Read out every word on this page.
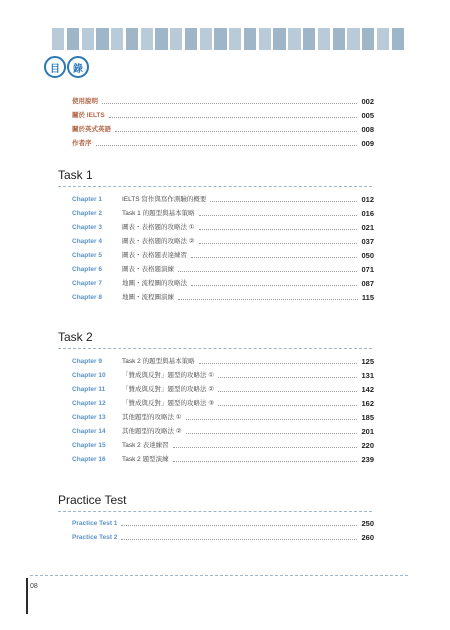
目	錄
使用說明	002
關於 IELTS	005
關於英式英語	008
作者序	009
Task 1
Chapter 1	IELTS 寫作與寫作測驗的概要	012
Chapter 2	Task 1 的題型與基本策略	016
Chapter 3	圖表・表格題的攻略法 ①	021
Chapter 4	圖表・表格題的攻略法 ②	037
Chapter 5	圖表・表格題表達練習	050
Chapter 6	圖表・表格題演練	071
Chapter 7	地圖・流程圖的攻略法	087
Chapter 8	地圖・流程圖演練	115
Task 2
Chapter 9	Task 2 的題型與基本策略	125
Chapter 10	「贊成與反對」題型的攻略法 ①	131
Chapter 11	「贊成與反對」題型的攻略法 ②	142
Chapter 12	「贊成與反對」題型的攻略法 ③	162
Chapter 13	其他題型的攻略法 ①	185
Chapter 14	其他題型的攻略法 ②	201
Chapter 15	Task 2 表達練習	220
Chapter 16	Task 2 題型演練	239
Practice Test
Practice Test 1	250
Practice Test 2	260
08
